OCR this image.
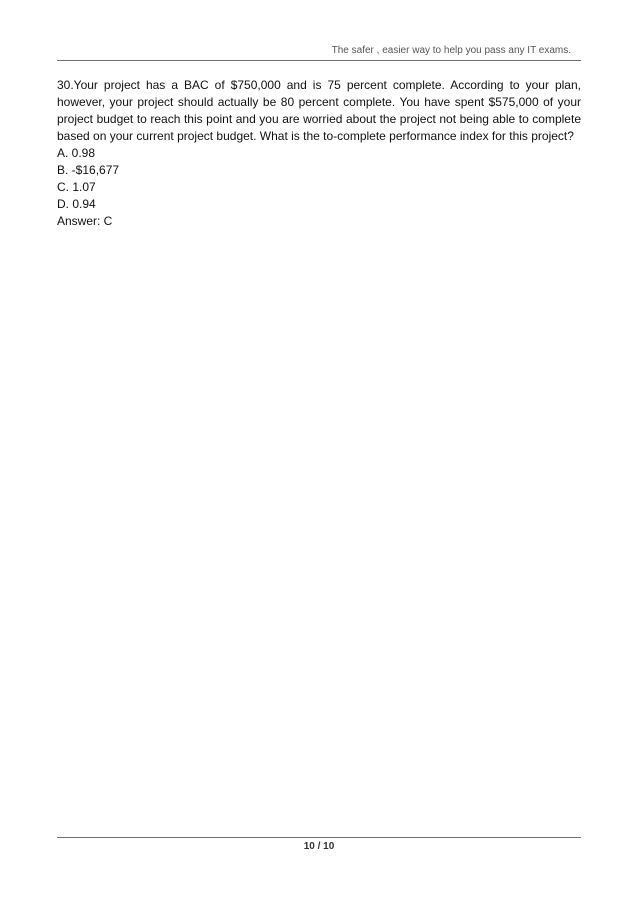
The safer , easier way to help you pass any IT exams.

30.Your project has a BAC of $750,000 and is 75 percent complete. According to your plan, however, your project should actually be 80 percent complete. You have spent $575,000 of your project budget to reach this point and you are worried about the project not being able to complete based on your current project budget. What is the to-complete performance index for this project?

A. 0.98

B. -$16,677

C. 1.07

D. 0.94

Answer: C

10 / 10
